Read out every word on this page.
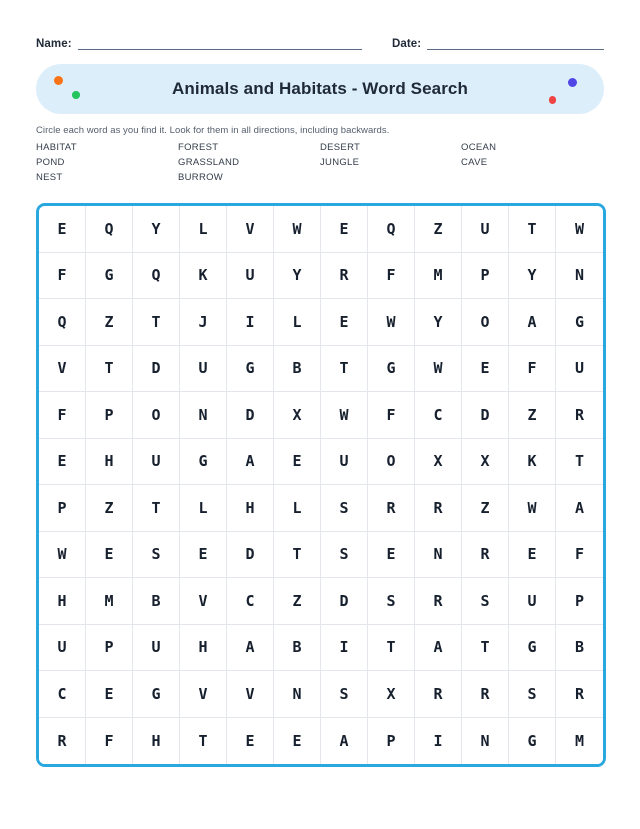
Name:	Date:
Animals and Habitats - Word Search
Circle each word as you find it. Look for them in all directions, including backwards.
HABITAT	FOREST	DESERT	OCEAN
POND	GRASSLAND	JUNGLE	CAVE
NEST	BURROW
E	Q	Y	L	V	W	E	Q	Z	U	T	W
F	G	Q	K	U	Y	R	F	M	P	Y	N
Q	Z	T	J	I	L	E	W	Y	O	A	G
V	T	D	U	G	B	T	G	W	E	F	U
F	P	O	N	D	X	W	F	C	D	Z	R
E	H	U	G	A	E	U	O	X	X	K	T
P	Z	T	L	H	L	S	R	R	Z	W	A
W	E	S	E	D	T	S	E	N	R	E	F
H	M	B	V	C	Z	D	S	R	S	U	P
U	P	U	H	A	B	I	T	A	T	G	B
C	E	G	V	V	N	S	X	R	R	S	R
R	F	H	T	E	E	A	P	I	N	G	M
